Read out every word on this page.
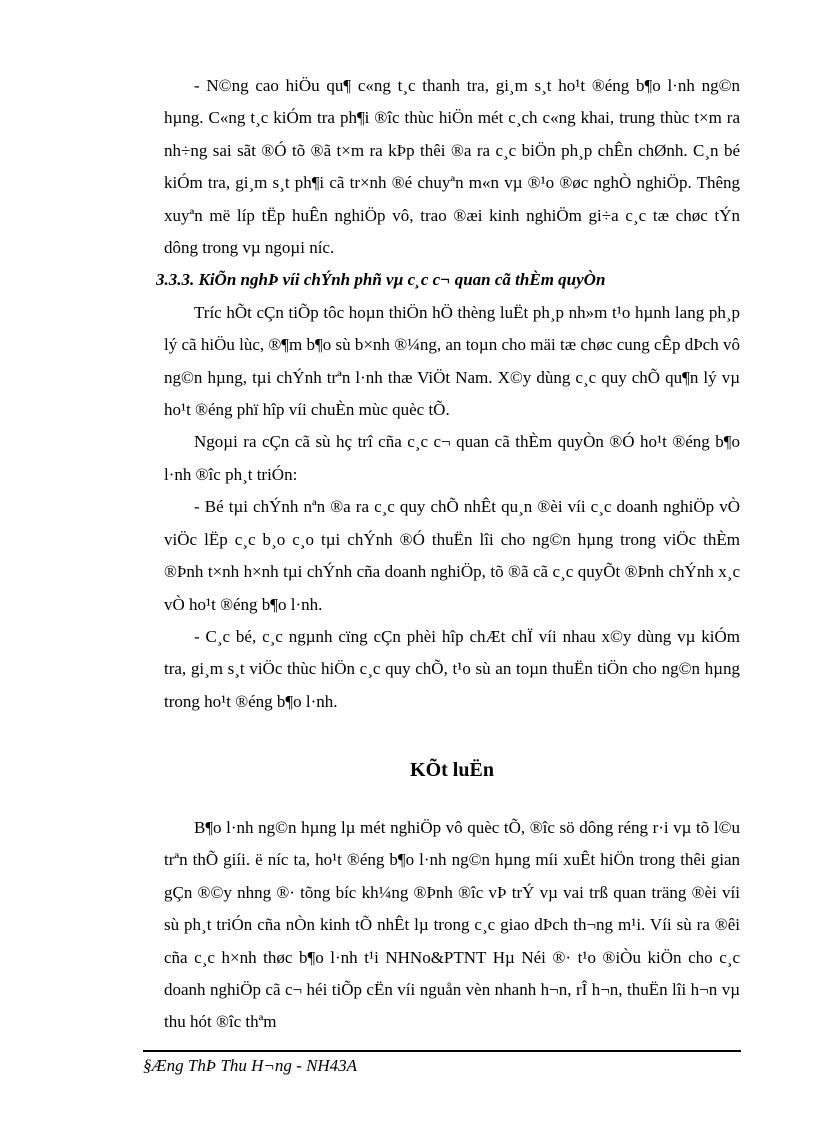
- N©ng cao hiÖu qu¶ c«ng t¸c thanh tra, gi¸m s¸t ho¹t ®éng b¶o l·nh ng©n hµng. C«ng t¸c kiÓm tra ph¶i ®îc thùc hiÖn mét c¸ch c«ng khai, trung thùc t×m ra nh÷ng sai sãt ®Ó tõ ®ã t×m ra kÞp thêi ®a ra c¸c biÖn ph¸p chÊn chØnh. C¸n bé kiÓm tra, gi¸m s¸t ph¶i cã tr×nh ®é chuyªn m«n vµ ®¹o ®øc nghÒ nghiÖp. Thêng xuyªn më líp tËp huÊn nghiÖp vô, trao ®æi kinh nghiÖm gi÷a c¸c tæ chøc tÝn dông trong vµ ngoµi níc.

3.3.3. KiÕn nghÞ víi chÝnh phñ vµ c¸c c¬ quan cã thÈm quyÒn

Tríc hÕt cÇn tiÕp tôc hoµn thiÖn hÖ thèng luËt ph¸p nh»m t¹o hµnh lang ph¸p lý cã hiÖu lùc, ®¶m b¶o sù b×nh ®¼ng, an toµn cho mäi tæ chøc cung cÊp dÞch vô ng©n hµng, tµi chÝnh trªn l·nh thæ ViÖt Nam. X©y dùng c¸c quy chÕ qu¶n lý vµ ho¹t ®éng phï hîp víi chuÈn mùc quèc tÕ.

Ngoµi ra cÇn cã sù hç trî cña c¸c c¬ quan cã thÈm quyÒn ®Ó ho¹t ®éng b¶o l·nh ®îc ph¸t triÓn:

- Bé tµi chÝnh nªn ®a ra c¸c quy chÕ nhÊt qu¸n ®èi víi c¸c doanh nghiÖp vÒ viÖc lËp c¸c b¸o c¸o tµi chÝnh ®Ó thuËn lîi cho ng©n hµng trong viÖc thÈm ®Þnh t×nh h×nh tµi chÝnh cña doanh nghiÖp, tõ ®ã cã c¸c quyÕt ®Þnh chÝnh x¸c vÒ ho¹t ®éng b¶o l·nh.

- C¸c bé, c¸c ngµnh cïng cÇn phèi hîp chÆt chÏ víi nhau x©y dùng vµ kiÓm tra, gi¸m s¸t viÖc thùc hiÖn c¸c quy chÕ, t¹o sù an toµn thuËn tiÖn cho ng©n hµng trong ho¹t ®éng b¶o l·nh.

KÕt luËn

B¶o l·nh ng©n hµng lµ mét nghiÖp vô quèc tÕ, ®îc sö dông réng r·i vµ tõ l©u trªn thÕ giíi. ë níc ta, ho¹t ®éng b¶o l·nh ng©n hµng míi xuÊt hiÖn trong thêi gian gÇn ®©y nhng ®· tõng bíc kh¼ng ®Þnh ®îc vÞ trÝ vµ vai trß quan träng ®èi víi sù ph¸t triÓn cña nÒn kinh tÕ nhÊt lµ trong c¸c giao dÞch th¬ng m¹i. Víi sù ra ®êi cña c¸c h×nh thøc b¶o l·nh t¹i NHNo&PTNT Hµ Néi ®· t¹o ®iÒu kiÖn cho c¸c doanh nghiÖp cã c¬ héi tiÕp cËn víi nguån vèn nhanh h¬n, rÎ h¬n, thuËn lîi h¬n vµ thu hót ®îc thªm

§Æng ThÞ Thu H¬ng - NH43A
